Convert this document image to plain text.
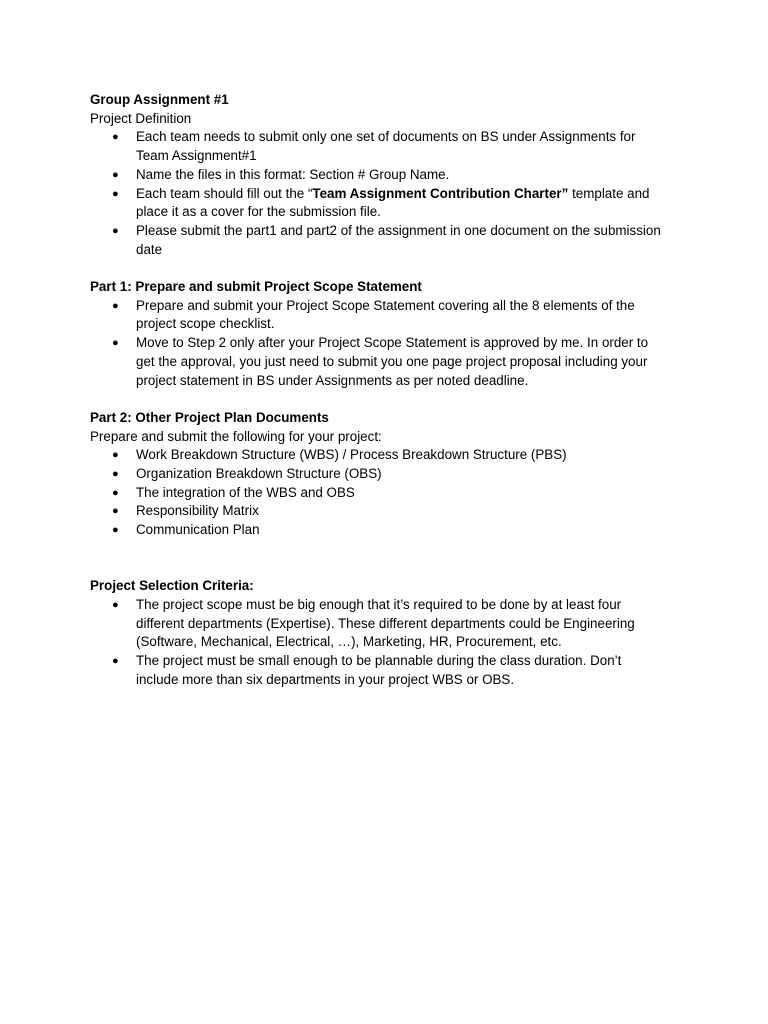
Group Assignment #1
Project Definition
● Each team needs to submit only one set of documents on BS under Assignments for
Team Assignment#1
● Name the files in this format: Section # Group Name.
● Each team should fill out the “Team Assignment Contribution Charter” template and
place it as a cover for the submission file.
● Please submit the part1 and part2 of the assignment in one document on the submission
date
Part 1: Prepare and submit Project Scope Statement
● Prepare and submit your Project Scope Statement covering all the 8 elements of the
project scope checklist.
● Move to Step 2 only after your Project Scope Statement is approved by me. In order to
get the approval, you just need to submit you one page project proposal including your
project statement in BS under Assignments as per noted deadline.
Part 2: Other Project Plan Documents
Prepare and submit the following for your project:
● Work Breakdown Structure (WBS) / Process Breakdown Structure (PBS)
● Organization Breakdown Structure (OBS)
● The integration of the WBS and OBS
● Responsibility Matrix
● Communication Plan
Project Selection Criteria:
● The project scope must be big enough that it’s required to be done by at least four
different departments (Expertise). These different departments could be Engineering
(Software, Mechanical, Electrical, …), Marketing, HR, Procurement, etc.
● The project must be small enough to be plannable during the class duration. Don’t
include more than six departments in your project WBS or OBS.
